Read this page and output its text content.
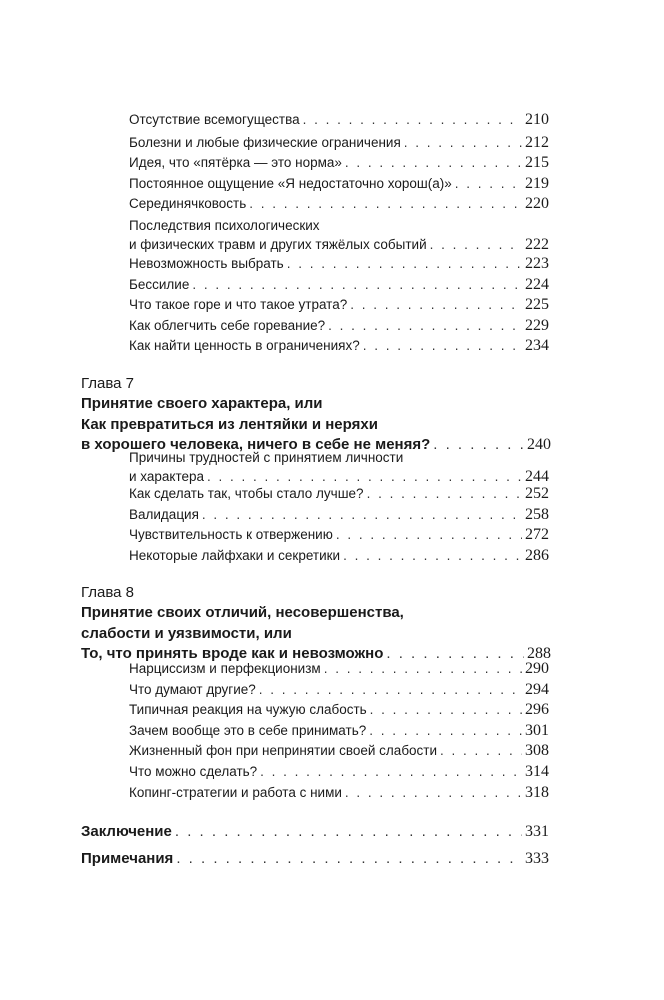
Отсутствие всемогущества . . .	210
Болезни и любые физические ограничения . . .	212
Идея, что «пятёрка — это норма» . . .	215
Постоянное ощущение «Я недостаточно хорош(а)» . . .	219
Серединячковость . . .	220
Последствия психологических
и физических травм и других тяжёлых событий . . .	222
Невозможность выбрать . . .	223
Бессилие . . .	224
Что такое горе и что такое утрата? . . .	225
Как облегчить себе горевание? . . .	229
Как найти ценность в ограничениях? . . .	234
Глава 7
Принятие своего характера, или
Как превратиться из лентяйки и неряхи
в хорошего человека, ничего в себе не меняя? . . .	240
Причины трудностей с принятием личности
и характера . . .	244
Как сделать так, чтобы стало лучше? . . .	252
Валидация . . .	258
Чувствительность к отвержению . . .	272
Некоторые лайфхаки и секретики . . .	286
Глава 8
Принятие своих отличий, несовершенства,
слабости и уязвимости, или
То, что принять вроде как и невозможно . . .	288
Нарциссизм и перфекционизм . . .	290
Что думают другие? . . .	294
Типичная реакция на чужую слабость . . .	296
Зачем вообще это в себе принимать? . . .	301
Жизненный фон при непринятии своей слабости . . .	308
Что можно сделать? . . .	314
Копинг-стратегии и работа с ними . . .	318
Заключение . . .	331
Примечания . . .	333
